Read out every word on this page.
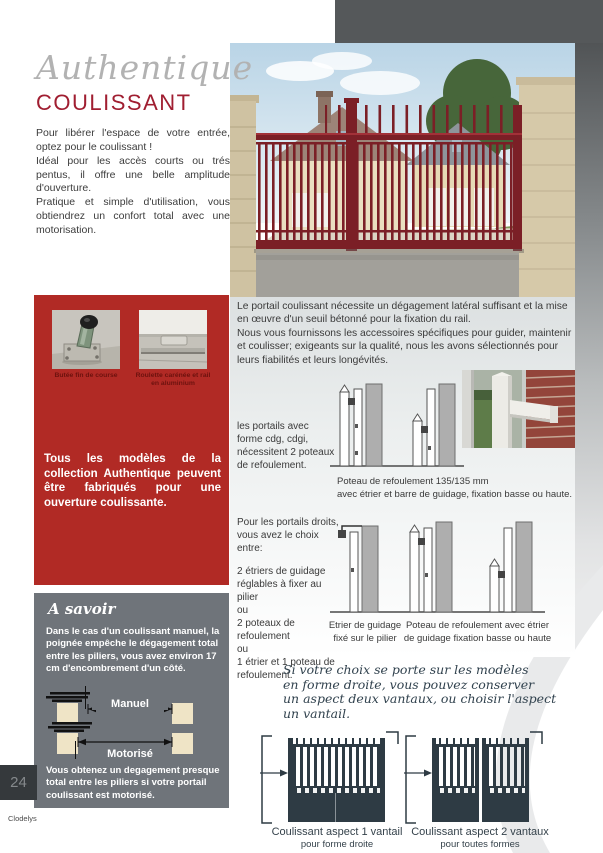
Authentique
COULISSANT

Pour libérer l'espace de votre entrée, optez pour le coulissant !

Idéal pour les accès courts ou trés pentus, il offre une belle amplitude d'ouverture.

Pratique et simple d'utilisation, vous obtiendrez un confort total avec une motorisation.

Butée fin de course	Roulette carénée et rail en aluminium

Tous les modèles de la collection Authentique peuvent être fabriqués pour une ouverture coulissante.

Le portail coulissant nécessite un dégagement latéral suffisant et la mise en œuvre d'un seuil bétonné pour la fixation du rail.

Nous vous fournissons les accessoires spécifiques pour guider, maintenir et coulisser; exigeants sur la qualité, nous les avons sélectionnés pour leurs fiabilités et leurs longévités.

les portails avec forme cdg, cdgi, nécessitent 2 poteaux de refoulement.
Poteau de refoulement 135/135 mm
avec étrier et barre de guidage, fixation basse ou haute.

Pour les portails droits, vous avez le choix entre:

2 étriers de guidage réglables à fixer au pilier
ou
2 poteaux de refoulement
ou
1 étrier et 1 poteau de refoulement.
Etrier de guidage
fixé sur le pilier
Poteau de refoulement avec étrier
de guidage fixation basse ou haute
A savoir

Dans le cas d'un coulissant manuel, la poignée empêche le dégagement total entre les piliers, vous avez environ 17 cm d'encombrement d'un côté.

Manuel
Motorisé

Vous obtenez un degagement presque total entre les piliers si votre portail coulissant est motorisé.

24
Clodelys
Si votre choix se porte sur les modèles
en forme droite, vous pouvez conserver
un aspect deux vantaux, ou choisir l'aspect
un vantail.
Coulissant aspect 1 vantail
pour forme droite
Coulissant aspect 2 vantaux
pour toutes formes
